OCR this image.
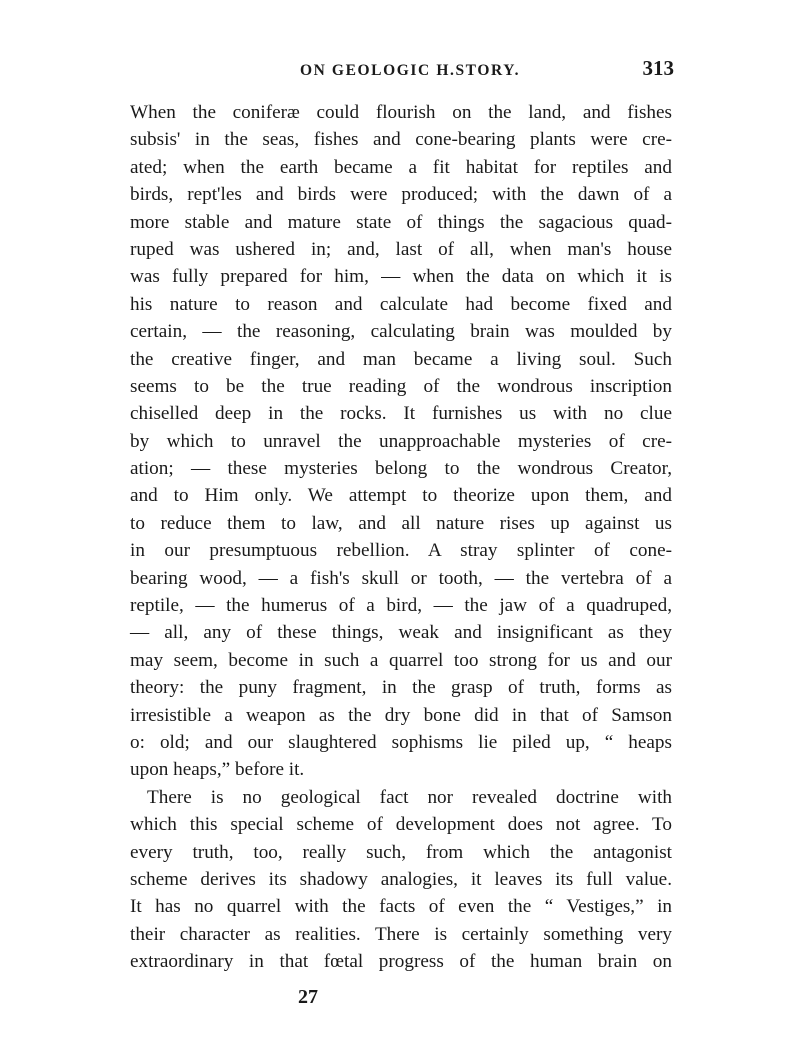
ON GEOLOGIC H.STORY.	313
When the coniferæ could flourish on the land, and fishes
subsis' in the seas, fishes and cone-bearing plants were cre-
ated; when the earth became a fit habitat for reptiles and
birds, rept'les and birds were produced; with the dawn of a
more stable and mature state of things the sagacious quad-
ruped was ushered in; and, last of all, when man's house
was fully prepared for him, — when the data on which it is
his nature to reason and calculate had become fixed and
certain, — the reasoning, calculating brain was moulded by
the creative finger, and man became a living soul. Such
seems to be the true reading of the wondrous inscription
chiselled deep in the rocks. It furnishes us with no clue
by which to unravel the unapproachable mysteries of cre-
ation; — these mysteries belong to the wondrous Creator,
and to Him only. We attempt to theorize upon them, and
to reduce them to law, and all nature rises up against us
in our presumptuous rebellion. A stray splinter of cone-
bearing wood, — a fish's skull or tooth, — the vertebra of a
reptile, — the humerus of a bird, — the jaw of a quadruped,
— all, any of these things, weak and insignificant as they
may seem, become in such a quarrel too strong for us and our
theory: the puny fragment, in the grasp of truth, forms as
irresistible a weapon as the dry bone did in that of Samson
o: old; and our slaughtered sophisms lie piled up, “ heaps
upon heaps,” before it.
There is no geological fact nor revealed doctrine with
which this special scheme of development does not agree. To
every truth, too, really such, from which the antagonist
scheme derives its shadowy analogies, it leaves its full value.
It has no quarrel with the facts of even the “ Vestiges,” in
their character as realities. There is certainly something very
extraordinary in that fœtal progress of the human brain on
27
